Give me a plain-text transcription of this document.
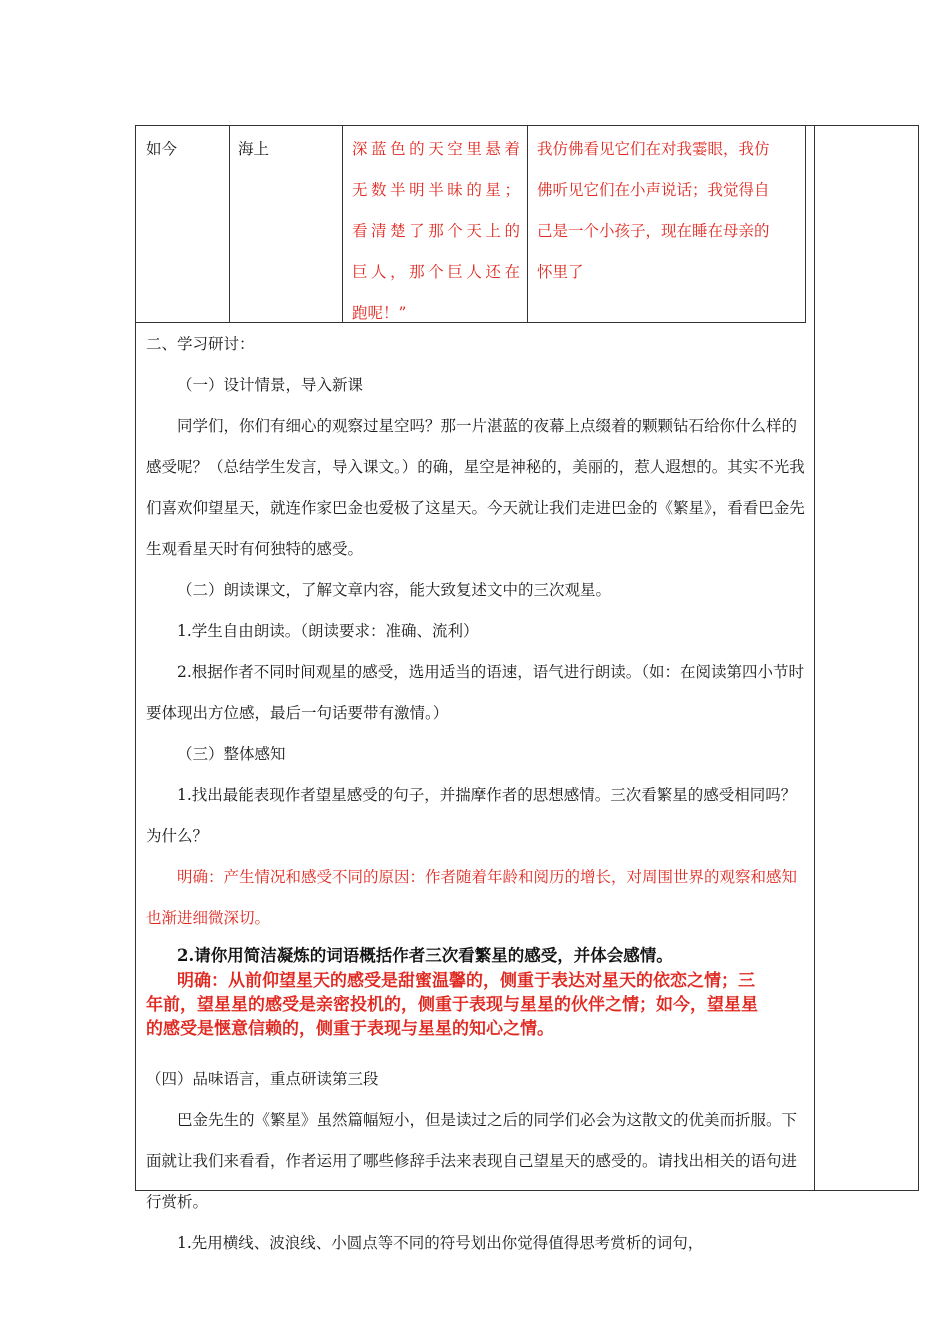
如今	海上	深蓝色的天空里悬着
无数半明半昧的星；
看清楚了那个天上的
巨人，那个巨人还在
跑呢！”
我仿佛看见它们在对我霎眼，我仿
佛听见它们在小声说话；我觉得自
己是一个小孩子，现在睡在母亲的
怀里了

二、学习研讨：

（一）设计情景，导入新课

同学们，你们有细心的观察过星空吗？那一片湛蓝的夜幕上点缀着的颗颗钻石给你什么样的感受呢？（总结学生发言，导入课文。）的确，星空是神秘的，美丽的，惹人遐想的。其实不光我们喜欢仰望星天，就连作家巴金也爱极了这星天。今天就让我们走进巴金的《繁星》，看看巴金先生观看星天时有何独特的感受。

（二）朗读课文，了解文章内容，能大致复述文中的三次观星。

1.学生自由朗读。（朗读要求：准确、流利）

2.根据作者不同时间观星的感受，选用适当的语速，语气进行朗读。（如：在阅读第四小节时要体现出方位感，最后一句话要带有激情。）

（三）整体感知

1.找出最能表现作者望星感受的句子，并揣摩作者的思想感情。三次看繁星的感受相同吗？为什么？

明确：产生情况和感受不同的原因：作者随着年龄和阅历的增长，对周围世界的观察和感知也渐进细微深切。

2.请你用简洁凝炼的词语概括作者三次看繁星的感受，并体会感情。

明确：从前仰望星天的感受是甜蜜温馨的，侧重于表达对星天的依恋之情；三
年前，望星星的感受是亲密投机的，侧重于表现与星星的伙伴之情；如今，望星星
的感受是惬意信赖的，侧重于表现与星星的知心之情。

（四）品味语言，重点研读第三段

巴金先生的《繁星》虽然篇幅短小，但是读过之后的同学们必会为这散文的优美而折服。下面就让我们来看看，作者运用了哪些修辞手法来表现自己望星天的感受的。请找出相关的语句进行赏析。

1.先用横线、波浪线、小圆点等不同的符号划出你觉得值得思考赏析的词句，
